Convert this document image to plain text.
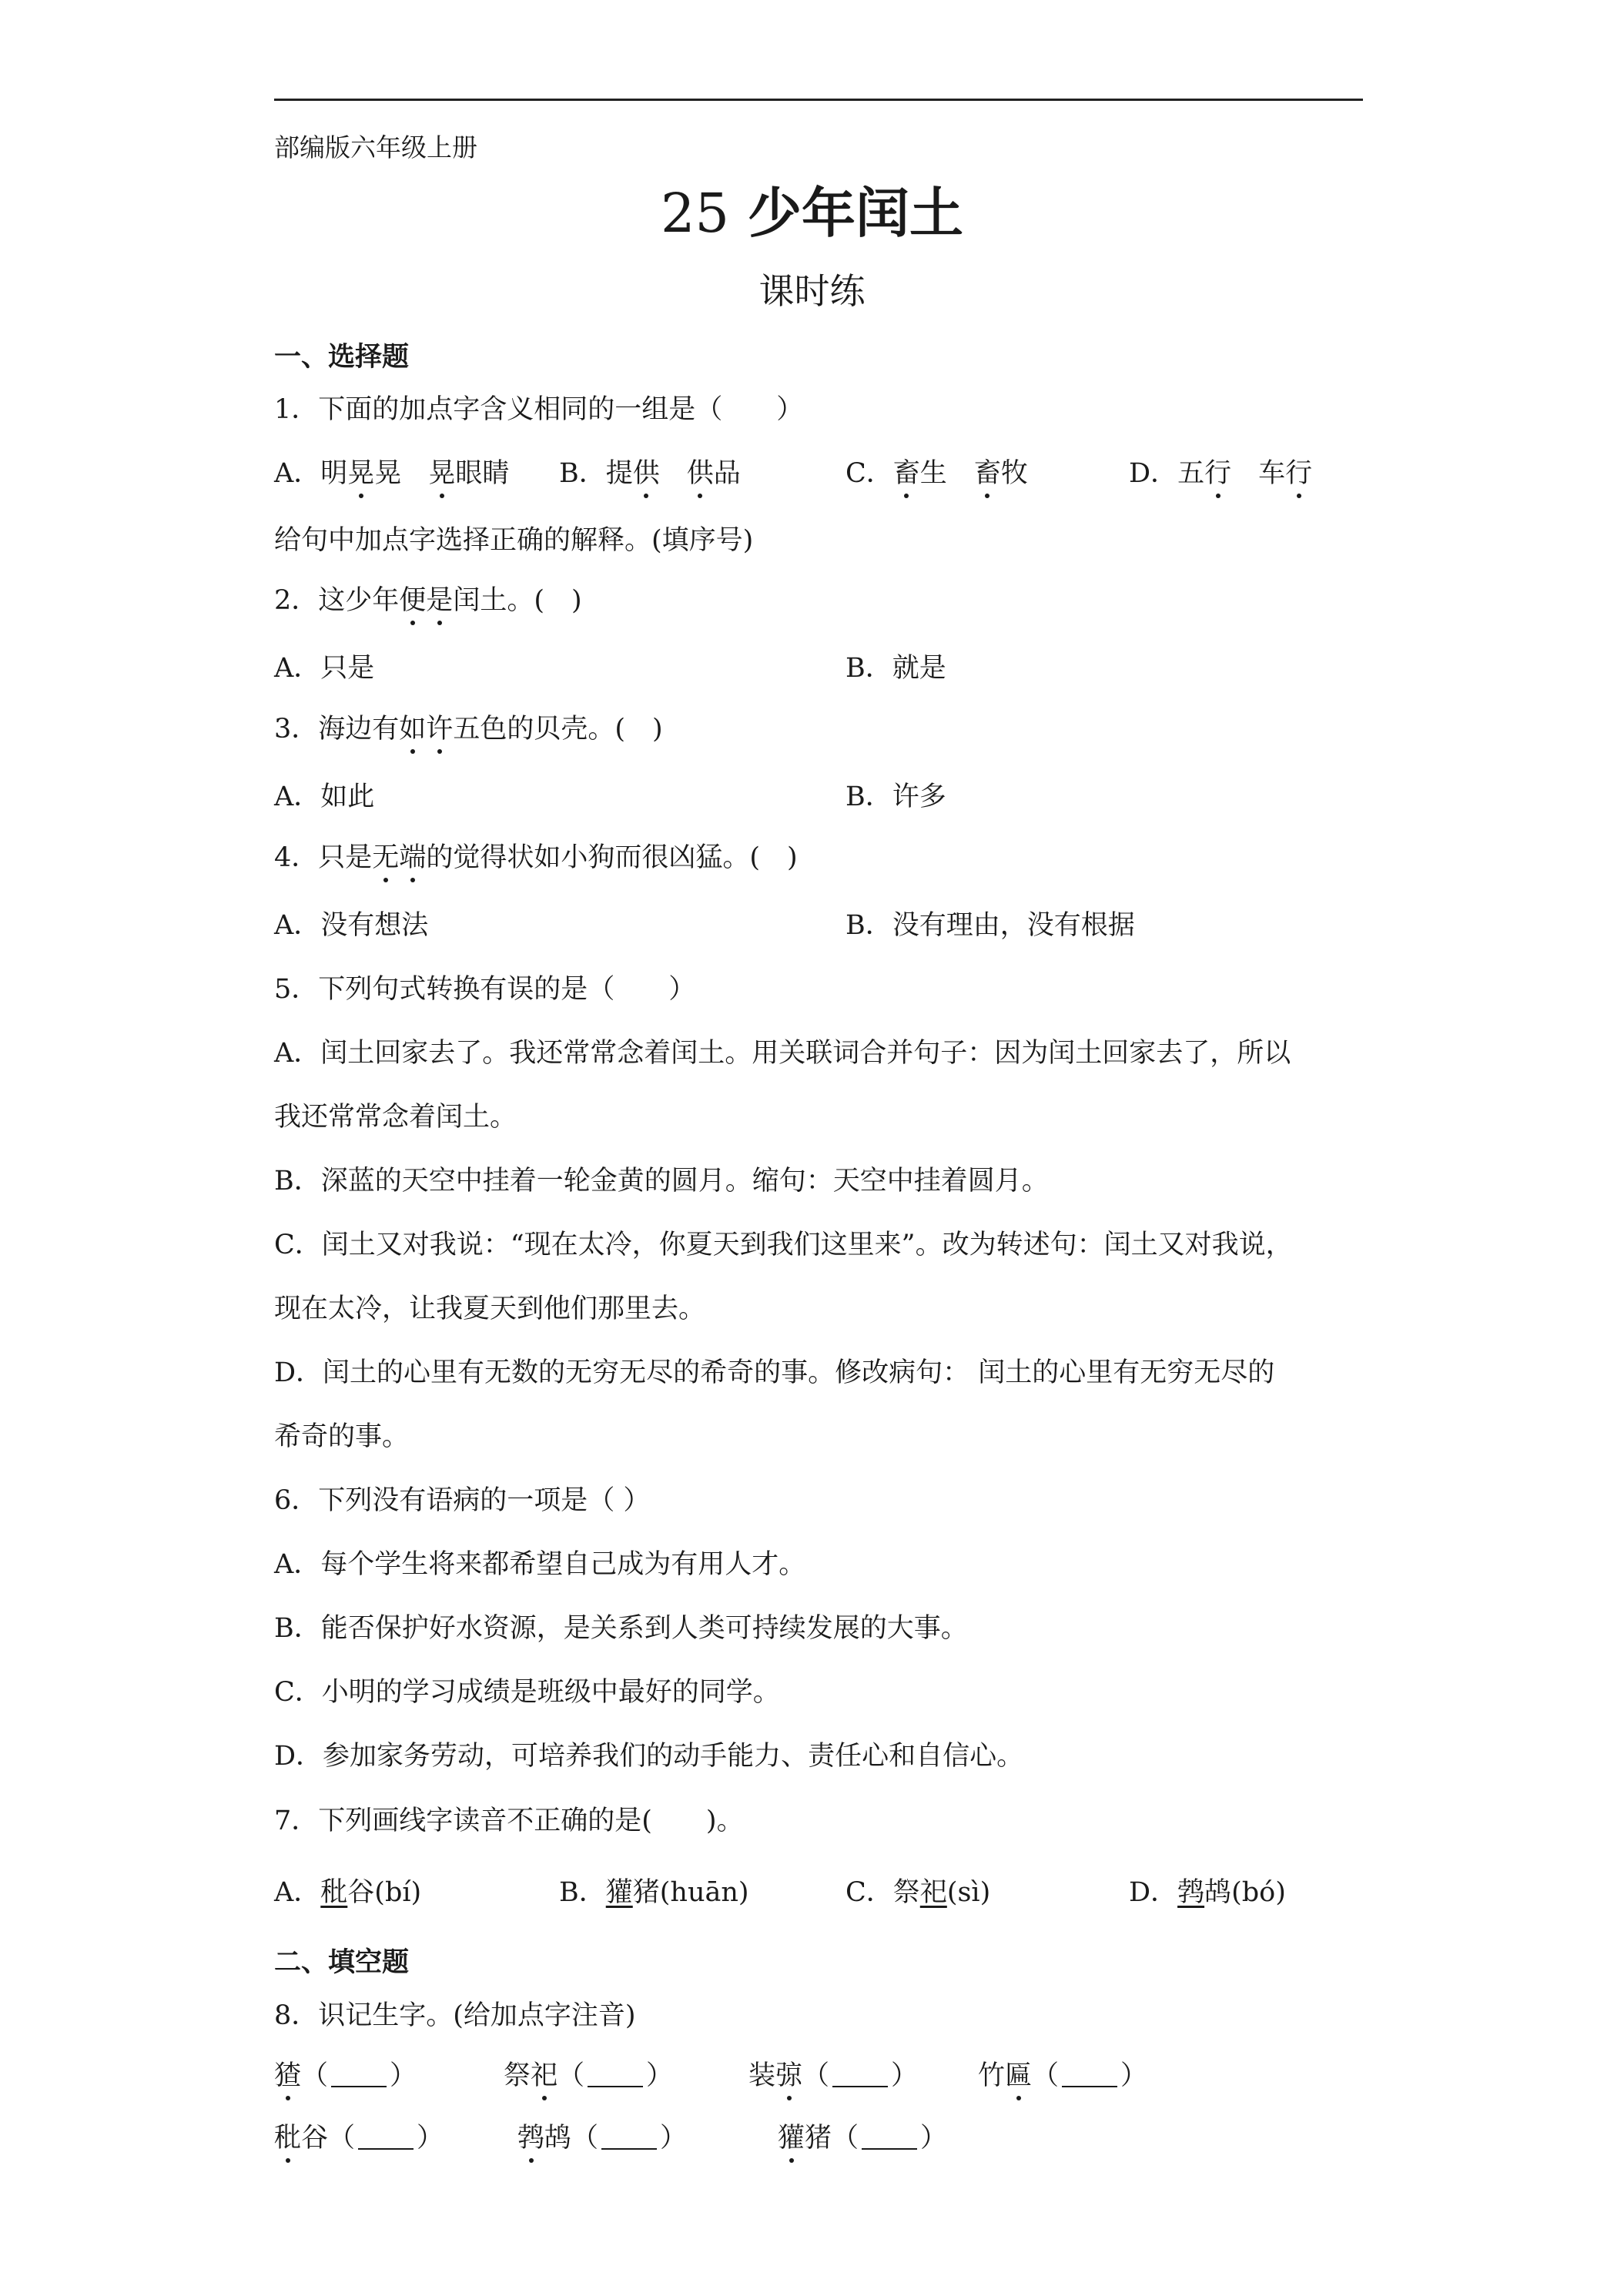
部编版六年级上册
25 少年闰土
课时练
一、选择题
1．下面的加点字含义相同的一组是（　　）
A．明晃晃　 晃眼睛 B．提供　 供品	C．畜生　 畜牧	D．五行　 车行
给句中加点字选择正确的解释。(填序号)
2．这少年便是闰土。(　)
A．只是	B．就是
3．海边有如许五色的贝壳。(　)
A．如此	B．许多
4．只是无端的觉得状如小狗而很凶猛。(　)
A．没有想法	B．没有理由，没有根据
5．下列句式转换有误的是（　　）
A．闰土回家去了。我还常常念着闰土。用关联词合并句子：因为闰土回家去了，所以
我还常常念着闰土。
B．深蓝的天空中挂着一轮金黄的圆月。缩句：天空中挂着圆月。
C．闰土又对我说：“现在太冷，你夏天到我们这里来”。改为转述句：闰土又对我说，
现在太冷，让我夏天到他们那里去。
D．闰土的心里有无数的无穷无尽的希奇的事。修改病句： 闰土的心里有无穷无尽的
希奇的事。
6．下列没有语病的一项是（ ）
A．每个学生将来都希望自己成为有用人才。
B．能否保护好水资源，是关系到人类可持续发展的大事。
C．小明的学习成绩是班级中最好的同学。
D．参加家务劳动，可培养我们的动手能力、责任心和自信心。
7．下列画线字读音不正确的是(　　)。
A．秕谷(bí)	B．獾猪(huān)	C．祭祀(sì)	D．鹁鸪(bó)
二、填空题
8．识记生字。(给加点字注音)
猹（ ）	祭祀（ ）	装弶（ ） 竹匾（ ）
秕谷（ ）	鹁鸪（ ）	獾猪（ ）
